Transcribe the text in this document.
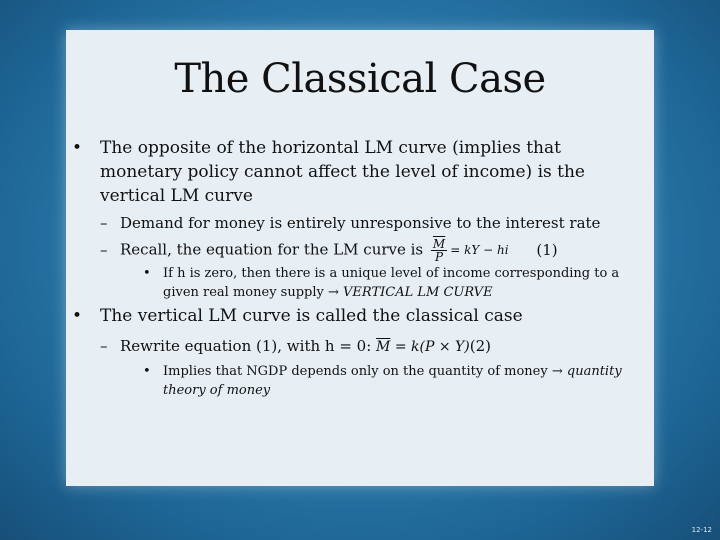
The Classical Case
• The opposite of the horizontal LM curve (implies that monetary policy cannot affect the level of income) is the vertical LM curve
– Demand for money is entirely unresponsive to the interest rate
– Recall, the equation for the LM curve is $\frac{\overline{M}}{P}$ = kY − hi (1)
• If h is zero, then there is a unique level of income corresponding to a given real money supply → VERTICAL LM CURVE
• The vertical LM curve is called the classical case
– Rewrite equation (1), with h = 0: $\overline{M} = k(P \times Y)(2)$
• Implies that NGDP depends only on the quantity of money → quantity theory of money
12-12
